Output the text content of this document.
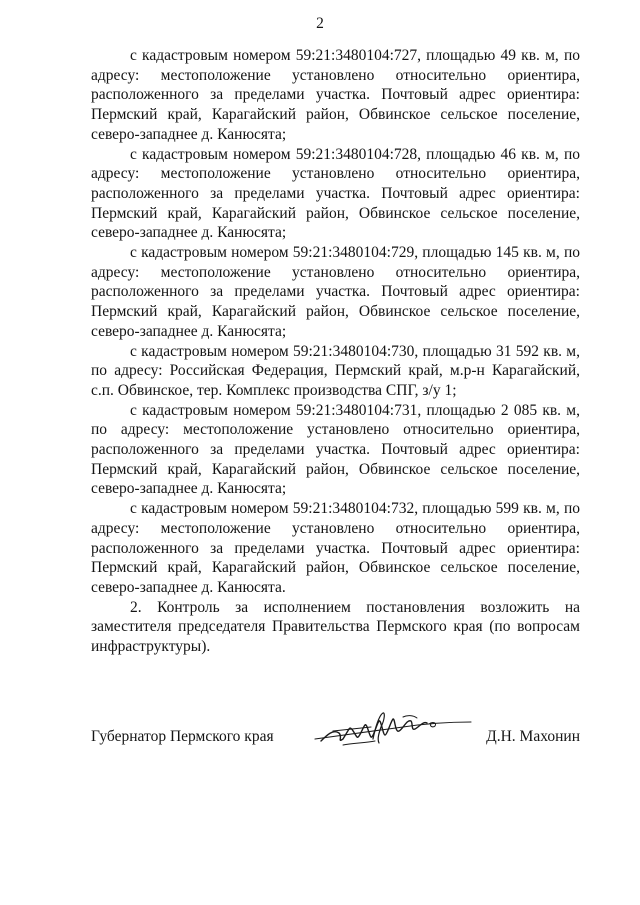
2

с кадастровым номером 59:21:3480104:727, площадью 49 кв. м, по адресу: местоположение установлено относительно ориентира, расположенного за пределами участка. Почтовый адрес ориентира: Пермский край, Карагайский район, Обвинское сельское поселение, северо-западнее д. Канюсята;

с кадастровым номером 59:21:3480104:728, площадью 46 кв. м, по адресу: местоположение установлено относительно ориентира, расположенного за пределами участка. Почтовый адрес ориентира: Пермский край, Карагайский район, Обвинское сельское поселение, северо-западнее д. Канюсята;

с кадастровым номером 59:21:3480104:729, площадью 145 кв. м, по адресу: местоположение установлено относительно ориентира, расположенного за пределами участка. Почтовый адрес ориентира: Пермский край, Карагайский район, Обвинское сельское поселение, северо-западнее д. Канюсята;

с кадастровым номером 59:21:3480104:730, площадью 31 592 кв. м, по адресу: Российская Федерация, Пермский край, м.р-н Карагайский, с.п. Обвинское, тер. Комплекс производства СПГ, з/у 1;

с кадастровым номером 59:21:3480104:731, площадью 2 085 кв. м, по адресу: местоположение установлено относительно ориентира, расположенного за пределами участка. Почтовый адрес ориентира: Пермский край, Карагайский район, Обвинское сельское поселение, северо-западнее д. Канюсята;

с кадастровым номером 59:21:3480104:732, площадью 599 кв. м, по адресу: местоположение установлено относительно ориентира, расположенного за пределами участка. Почтовый адрес ориентира: Пермский край, Карагайский район, Обвинское сельское поселение, северо-западнее д. Канюсята.

2. Контроль за исполнением постановления возложить на заместителя председателя Правительства Пермского края (по вопросам инфраструктуры).

Губернатор Пермского края	Д.Н. Махонин
